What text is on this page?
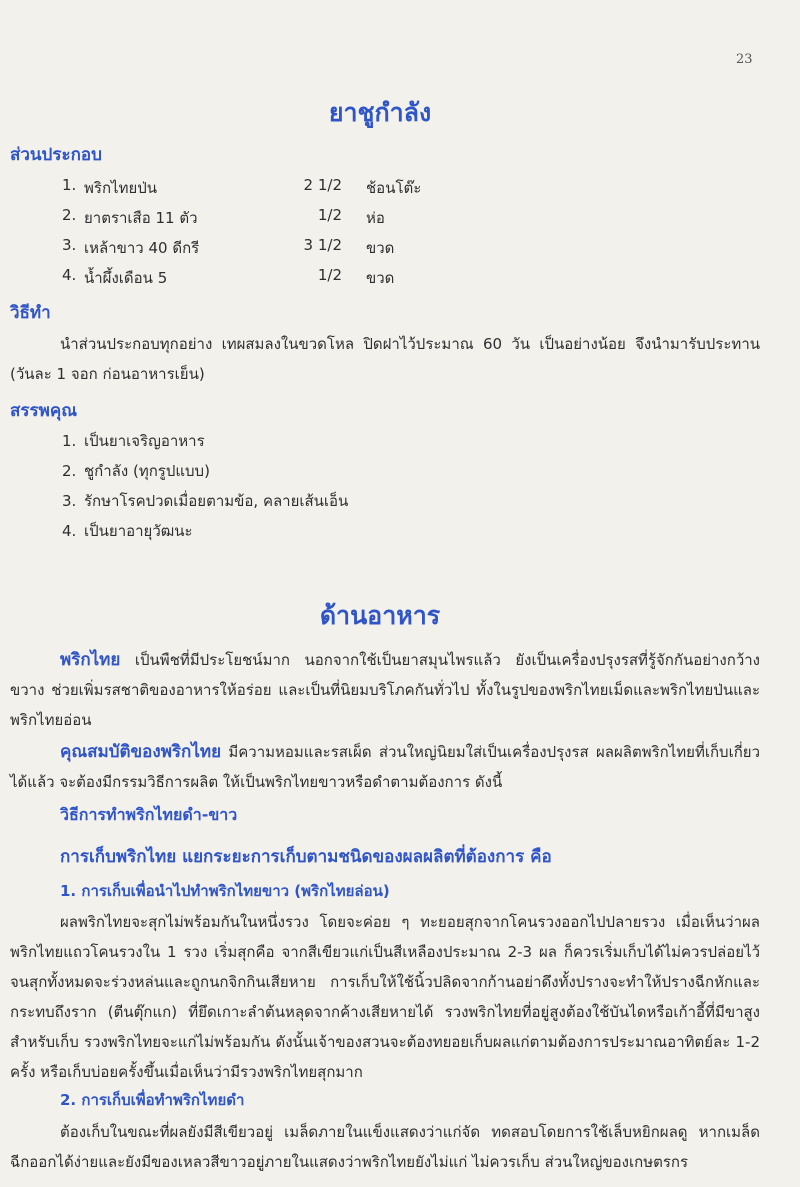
23
ยาชูกำลัง
ส่วนประกอบ
1. พริกไทยป่น	2 1/2 ช้อนโต๊ะ
2. ยาตราเสือ 11 ตัว	1/2 ห่อ
3. เหล้าขาว 40 ดีกรี	3 1/2 ขวด
4. น้ำผึ้งเดือน 5	1/2 ขวด
วิธีทำ

นำส่วนประกอบทุกอย่าง เทผสมลงในขวดโหล ปิดฝาไว้ประมาณ 60 วัน เป็นอย่างน้อย จึงนำมารับประทาน (วันละ 1 จอก ก่อนอาหารเย็น)

สรรพคุณ
1. เป็นยาเจริญอาหาร
2. ชูกำลัง (ทุกรูปแบบ)
3. รักษาโรคปวดเมื่อยตามข้อ, คลายเส้นเอ็น
4. เป็นยาอายุวัฒนะ
ด้านอาหาร

พริกไทย เป็นพืชที่มีประโยชน์มาก นอกจากใช้เป็นยาสมุนไพรแล้ว ยังเป็นเครื่องปรุงรสที่รู้จักกันอย่างกว้างขวาง ช่วยเพิ่มรสชาติของอาหารให้อร่อย และเป็นที่นิยมบริโภคกันทั่วไป ทั้งในรูปของพริกไทยเม็ดและพริกไทยป่นและพริกไทยอ่อน

คุณสมบัติของพริกไทย มีความหอมและรสเผ็ด ส่วนใหญ่นิยมใส่เป็นเครื่องปรุงรส ผลผลิตพริกไทยที่เก็บเกี่ยวได้แล้ว จะต้องมีกรรมวิธีการผลิต ให้เป็นพริกไทยขาวหรือดำตามต้องการ ดังนี้

วิธีการทำพริกไทยดำ-ขาว
การเก็บพริกไทย แยกระยะการเก็บตามชนิดของผลผลิตที่ต้องการ คือ
1. การเก็บเพื่อนำไปทำพริกไทยขาว (พริกไทยล่อน)

ผลพริกไทยจะสุกไม่พร้อมกันในหนึ่งรวง โดยจะค่อย ๆ ทะยอยสุกจากโคนรวงออกไปปลายรวง เมื่อเห็นว่าผลพริกไทยแถวโคนรวงใน 1 รวง เริ่มสุกคือ จากสีเขียวแก่เป็นสีเหลืองประมาณ 2-3 ผล ก็ควรเริ่มเก็บได้ไม่ควรปล่อยไว้จนสุกทั้งหมดจะร่วงหล่นและถูกนกจิกกินเสียหาย การเก็บให้ใช้นิ้วปลิดจากก้านอย่าดึงทั้งปรางจะทำให้ปรางฉีกหักและกระทบถึงราก (ตีนตุ๊กแก) ที่ยึดเกาะลำต้นหลุดจากค้างเสียหายได้ รวงพริกไทยที่อยู่สูงต้องใช้บันไดหรือเก้าอี้ที่มีขาสูงสำหรับเก็บ รวงพริกไทยจะแก่ไม่พร้อมกัน ดังนั้นเจ้าของสวนจะต้องทยอยเก็บผลแก่ตามต้องการประมาณอาทิตย์ละ 1-2 ครั้ง หรือเก็บบ่อยครั้งขึ้นเมื่อเห็นว่ามีรวงพริกไทยสุกมาก

2. การเก็บเพื่อทำพริกไทยดำ

ต้องเก็บในขณะที่ผลยังมีสีเขียวอยู่ เมล็ดภายในแข็งแสดงว่าแก่จัด ทดสอบโดยการใช้เล็บหยิกผลดู หากเมล็ดฉีกออกได้ง่ายและยังมีของเหลวสีขาวอยู่ภายในแสดงว่าพริกไทยยังไม่แก่ ไม่ควรเก็บ ส่วนใหญ่ของเกษตรกร
